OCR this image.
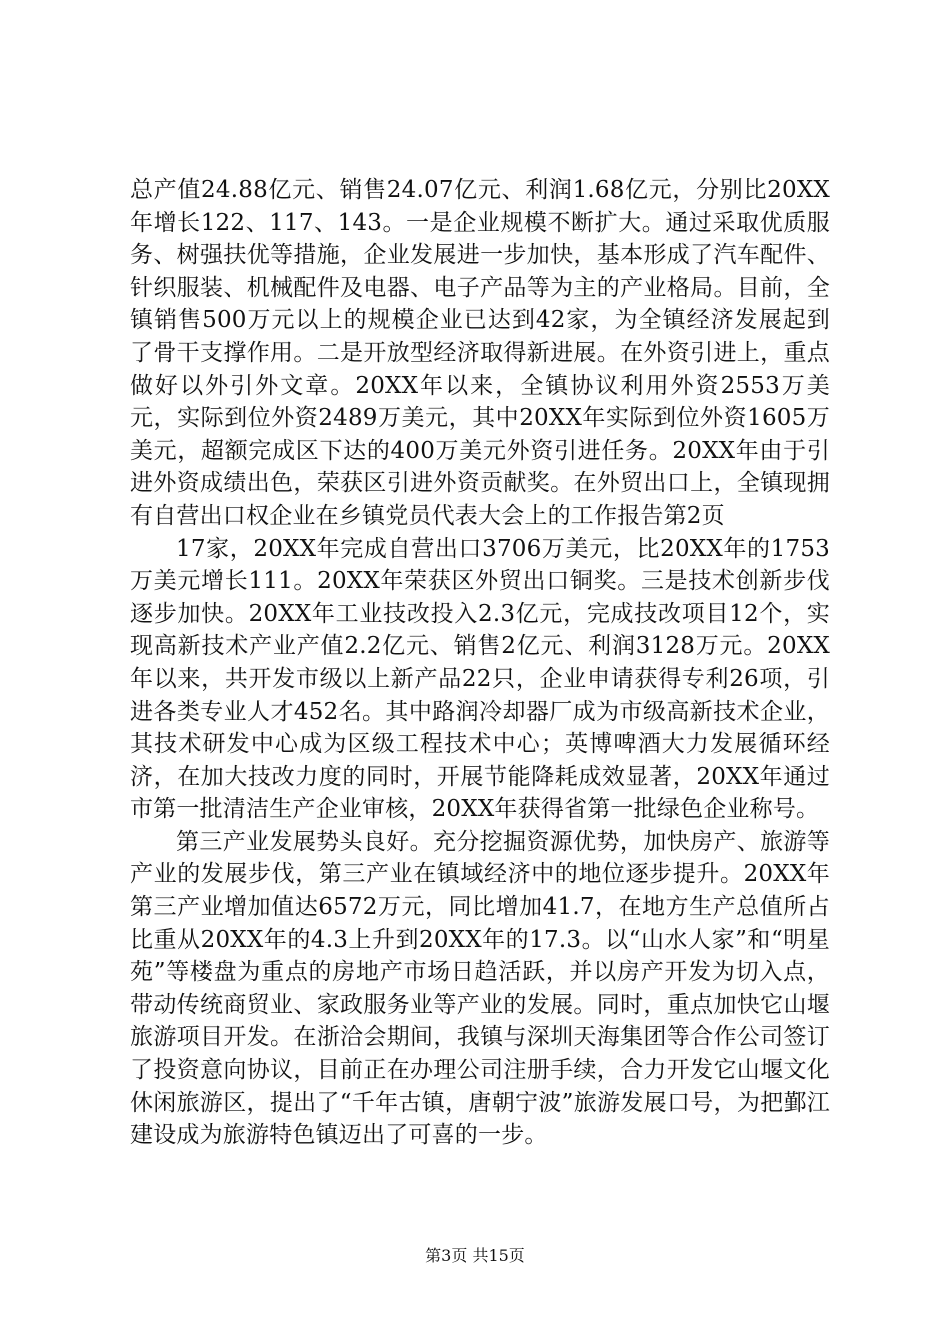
总产值24.88亿元、销售24.07亿元、利润1.68亿元，分别比20XX年增长122、117、143。一是企业规模不断扩大。通过采取优质服务、树强扶优等措施，企业发展进一步加快，基本形成了汽车配件、针织服装、机械配件及电器、电子产品等为主的产业格局。目前，全镇销售500万元以上的规模企业已达到42家，为全镇经济发展起到了骨干支撑作用。二是开放型经济取得新进展。在外资引进上，重点做好以外引外文章。20XX年以来，全镇协议利用外资2553万美元，实际到位外资2489万美元，其中20XX年实际到位外资1605万美元，超额完成区下达的400万美元外资引进任务。20XX年由于引进外资成绩出色，荣获区引进外资贡献奖。在外贸出口上，全镇现拥有自营出口权企业在乡镇党员代表大会上的工作报告第2页

17家，20XX年完成自营出口3706万美元，比20XX年的1753万美元增长111。20XX年荣获区外贸出口铜奖。三是技术创新步伐逐步加快。20XX年工业技改投入2.3亿元，完成技改项目12个，实现高新技术产业产值2.2亿元、销售2亿元、利润3128万元。20XX年以来，共开发市级以上新产品22只，企业申请获得专利26项，引进各类专业人才452名。其中路润冷却器厂成为市级高新技术企业，其技术研发中心成为区级工程技术中心；英博啤酒大力发展循环经济，在加大技改力度的同时，开展节能降耗成效显著，20XX年通过市第一批清洁生产企业审核，20XX年获得省第一批绿色企业称号。

第三产业发展势头良好。充分挖掘资源优势，加快房产、旅游等产业的发展步伐，第三产业在镇域经济中的地位逐步提升。20XX年第三产业增加值达6572万元，同比增加41.7，在地方生产总值所占比重从20XX年的4.3上升到20XX年的17.3。以“山水人家”和“明星苑”等楼盘为重点的房地产市场日趋活跃，并以房产开发为切入点，带动传统商贸业、家政服务业等产业的发展。同时，重点加快它山堰旅游项目开发。在浙洽会期间，我镇与深圳天海集团等合作公司签订了投资意向协议，目前正在办理公司注册手续，合力开发它山堰文化休闲旅游区，提出了“千年古镇，唐朝宁波”旅游发展口号，为把鄞江建设成为旅游特色镇迈出了可喜的一步。

第3页 共15页
